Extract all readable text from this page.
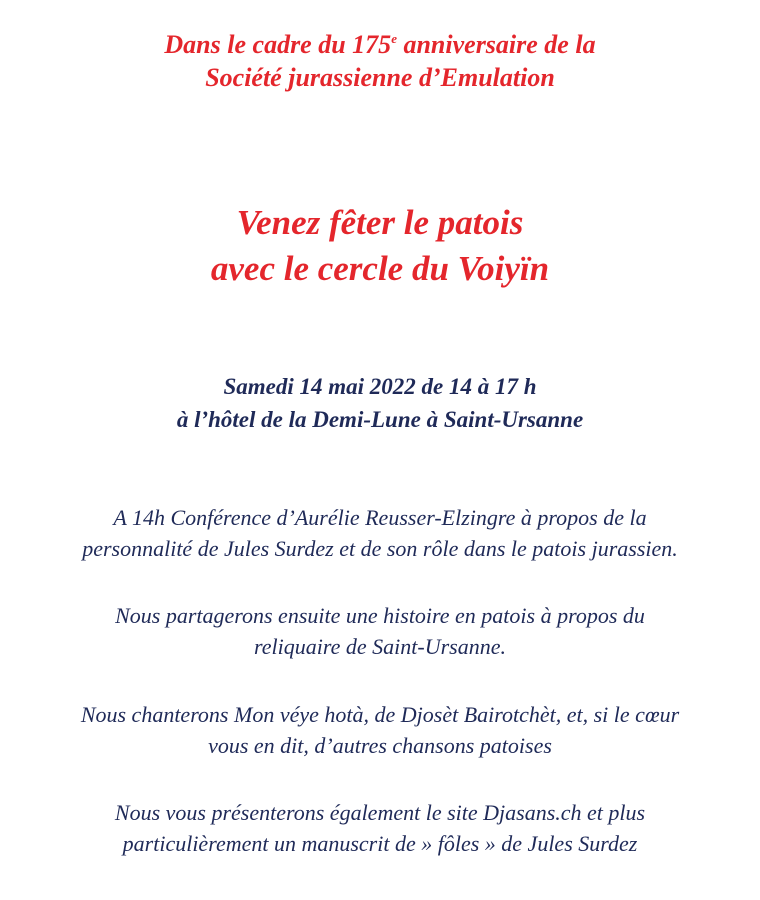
Dans le cadre du 175e anniversaire de la
Société jurassienne d’Emulation
Venez fêter le patois
avec le cercle du Voiyïn
Samedi 14 mai 2022 de 14 à 17 h
à l’hôtel de la Demi-Lune à Saint-Ursanne
A 14h Conférence d’Aurélie Reusser-Elzingre à propos de la
personnalité de Jules Surdez et de son rôle dans le patois jurassien.
Nous partagerons ensuite une histoire en patois à propos du
reliquaire de Saint-Ursanne.
Nous chanterons Mon véye hotà, de Djosèt Bairotchèt, et, si le cœur
vous en dit, d’autres chansons patoises
Nous vous présenterons également le site Djasans.ch et plus
particulièrement un manuscrit de » fôles » de Jules Surdez
